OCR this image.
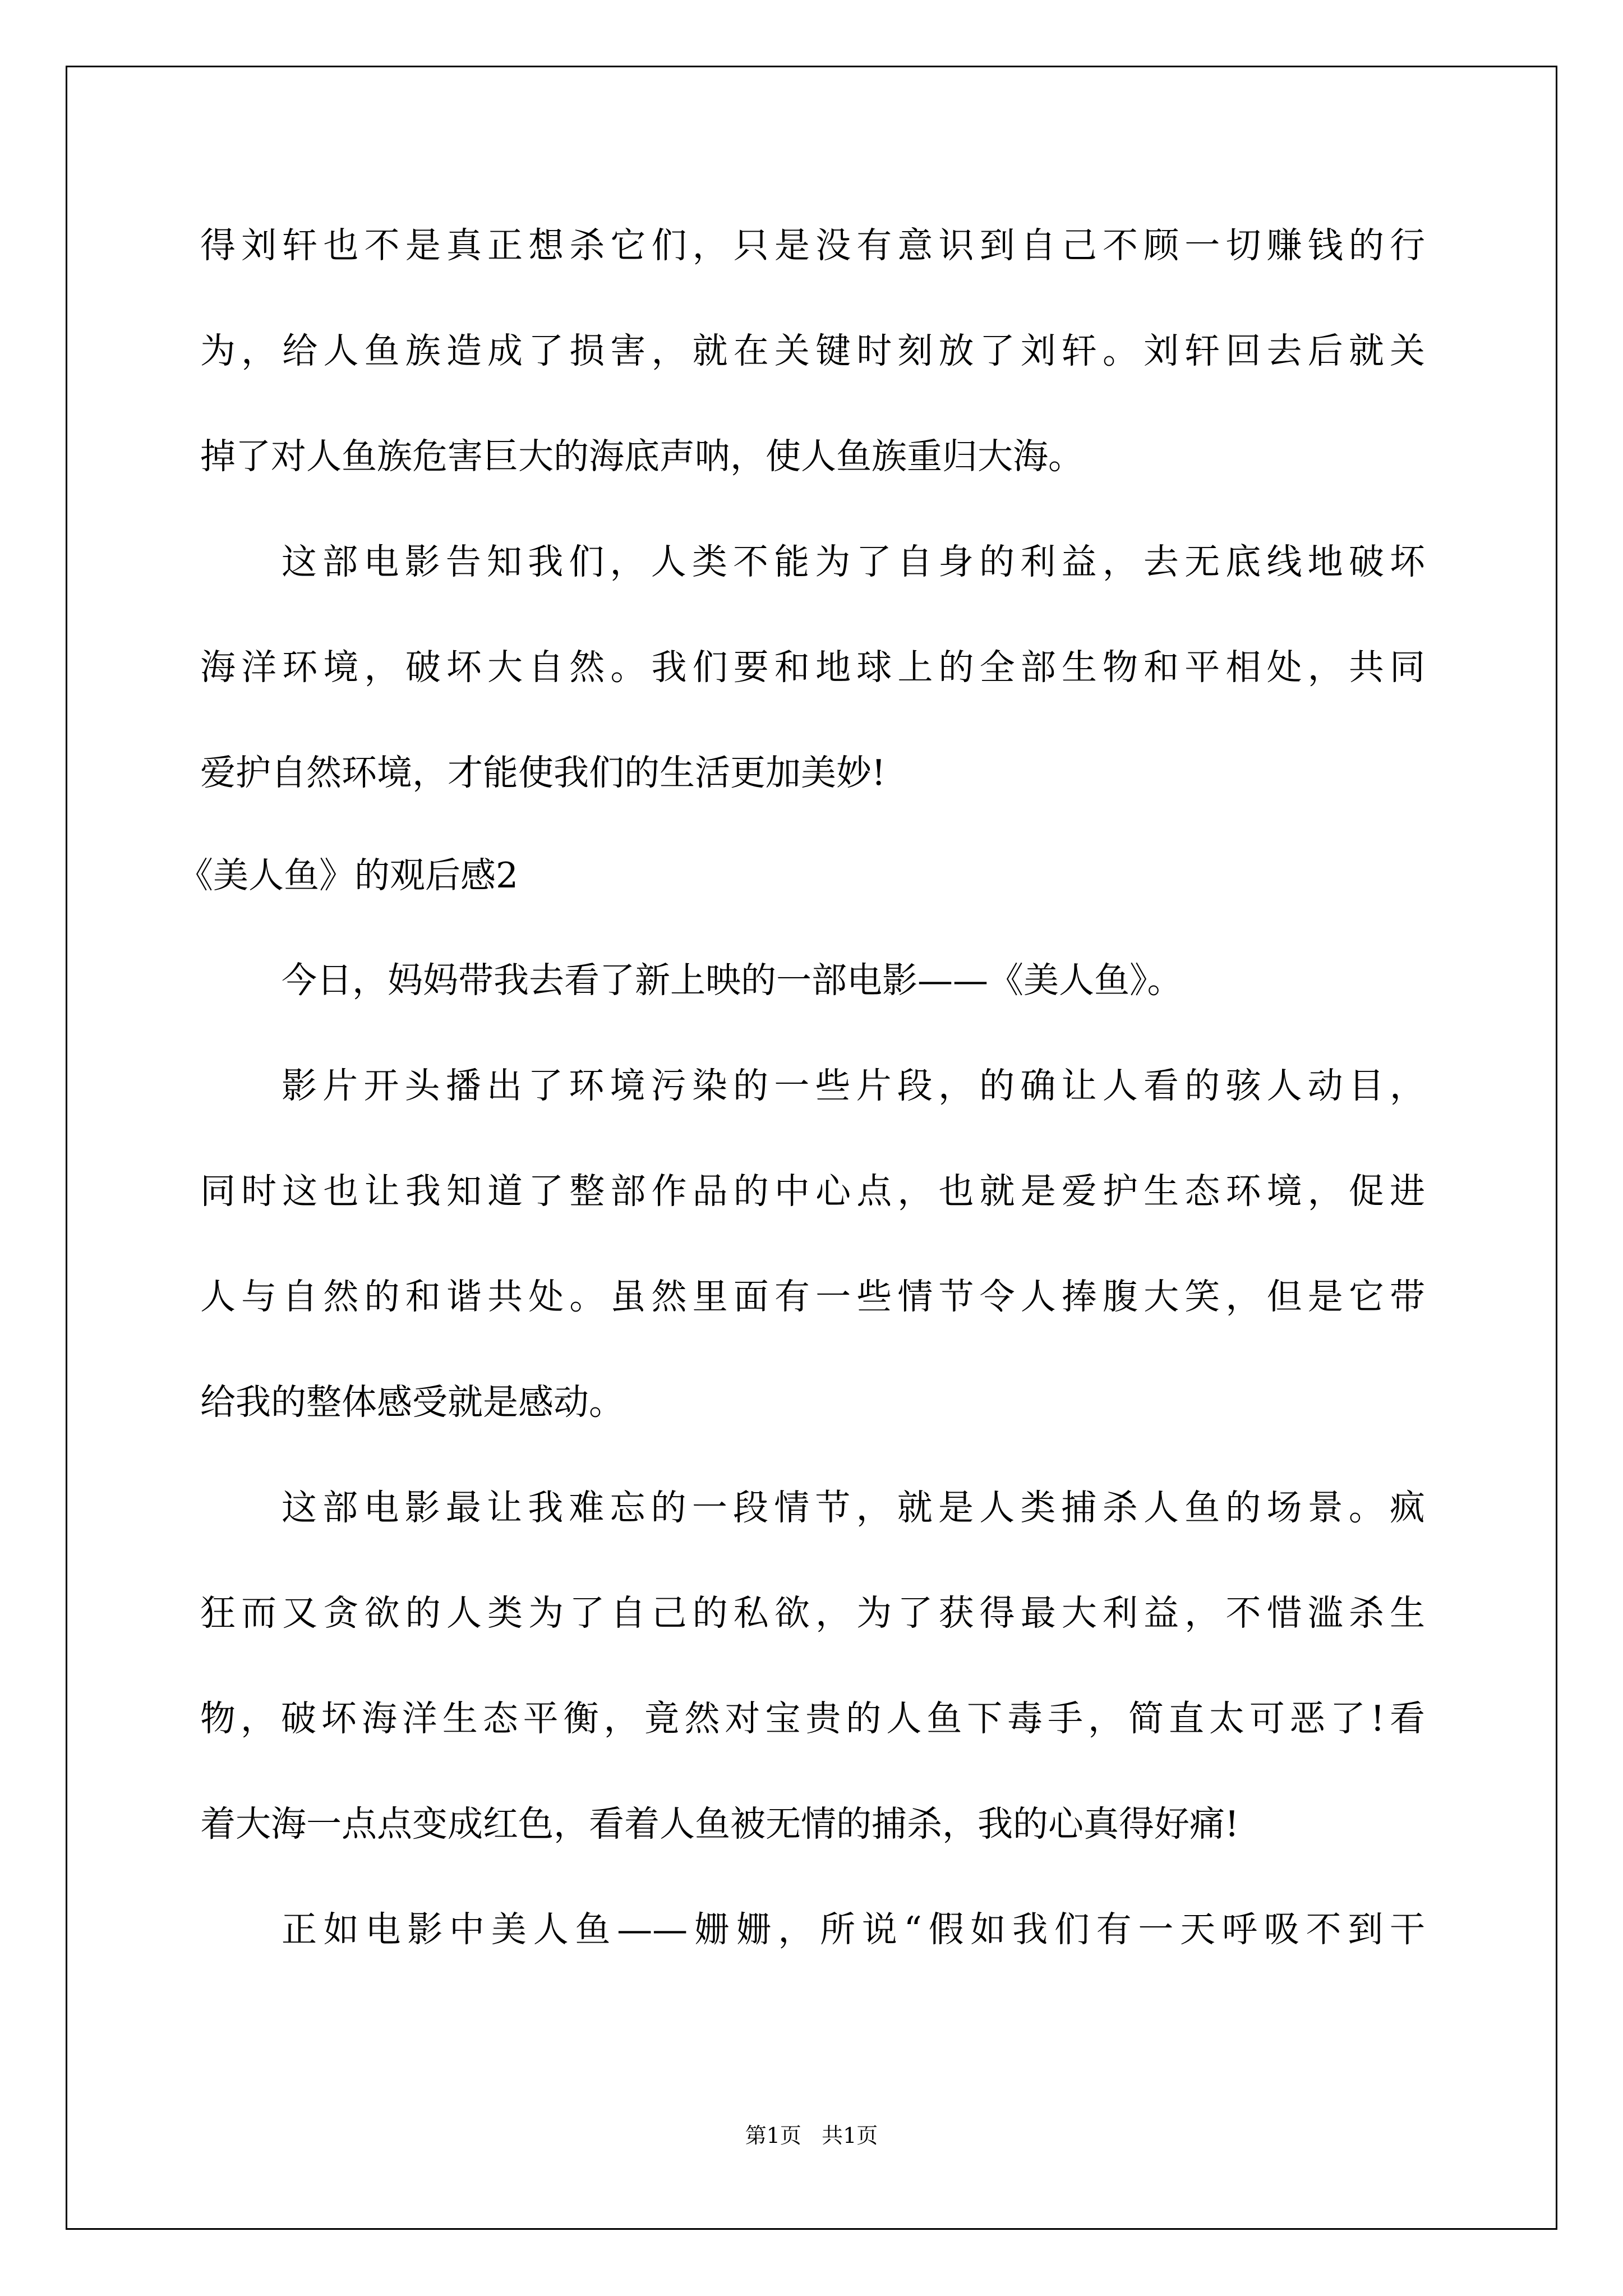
得刘轩也不是真正想杀它们，只是没有意识到自己不顾一切赚钱的行
为，给人鱼族造成了损害，就在关键时刻放了刘轩。刘轩回去后就关
掉了对人鱼族危害巨大的海底声呐，使人鱼族重归大海。
这部电影告知我们，人类不能为了自身的利益，去无底线地破坏
海洋环境，破坏大自然。我们要和地球上的全部生物和平相处，共同
爱护自然环境，才能使我们的生活更加美妙!
《美人鱼》的观后感2
今日，妈妈带我去看了新上映的一部电影——《美人鱼》。
影片开头播出了环境污染的一些片段，的确让人看的骇人动目，
同时这也让我知道了整部作品的中心点，也就是爱护生态环境，促进
人与自然的和谐共处。虽然里面有一些情节令人捧腹大笑，但是它带
给我的整体感受就是感动。
这部电影最让我难忘的一段情节，就是人类捕杀人鱼的场景。疯
狂而又贪欲的人类为了自己的私欲，为了获得最大利益，不惜滥杀生
物，破坏海洋生态平衡，竟然对宝贵的人鱼下毒手，简直太可恶了!看
着大海一点点变成红色，看着人鱼被无情的捕杀，我的心真得好痛!
正如电影中美人鱼——姗姗，所说“假如我们有一天呼吸不到干
第1页   共1页
